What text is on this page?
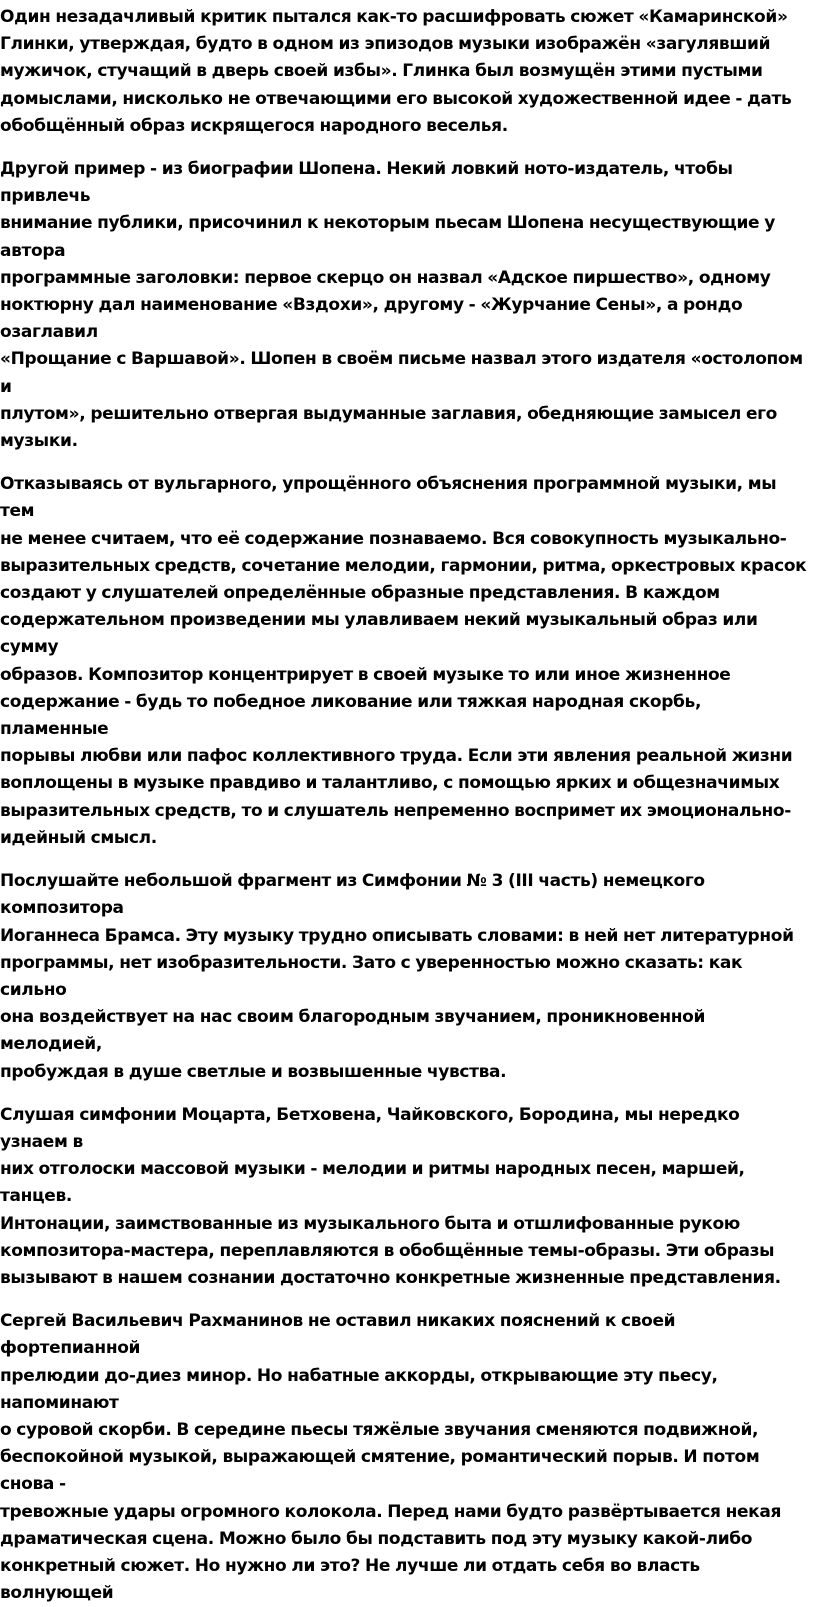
Один незадачливый критик пытался как-то расшифровать сюжет «Камаринской»
Глинки, утверждая, будто в одном из эпизодов музыки изображён «загулявший
мужичок, стучащий в дверь своей избы». Глинка был возмущён этими пустыми
домыслами, нисколько не отвечающими его высокой художественной идее - дать
обобщённый образ искрящегося народного веселья.

Другой пример - из биографии Шопена. Некий ловкий ното-издатель, чтобы привлечь
внимание публики, присочинил к некоторым пьесам Шопена несуществующие у автора
программные заголовки: первое скерцо он назвал «Адское пиршество», одному
ноктюрну дал наименование «Вздохи», другому - «Журчание Сены», а рондо озаглавил
«Прощание с Варшавой». Шопен в своём письме назвал этого издателя «остолопом и
плутом», решительно отвергая выдуманные заглавия, обедняющие замысел его
музыки.

Отказываясь от вульгарного, упрощённого объяснения программной музыки, мы тем
не менее считаем, что её содержание познаваемо. Вся совокупность музыкально-
выразительных средств, сочетание мелодии, гармонии, ритма, оркестровых красок
создают у слушателей определённые образные представления. В каждом
содержательном произведении мы улавливаем некий музыкальный образ или сумму
образов. Композитор концентрирует в своей музыке то или иное жизненное
содержание - будь то победное ликование или тяжкая народная скорбь, пламенные
порывы любви или пафос коллективного труда. Если эти явления реальной жизни
воплощены в музыке правдиво и талантливо, с помощью ярких и общезначимых
выразительных средств, то и слушатель непременно воспримет их эмоционально-
идейный смысл.

Послушайте небольшой фрагмент из Симфонии № 3 (III часть) немецкого композитора
Иоганнеса Брамса. Эту музыку трудно описывать словами: в ней нет литературной
программы, нет изобразительности. Зато с уверенностью можно сказать: как сильно
она воздействует на нас своим благородным звучанием, проникновенной мелодией,
пробуждая в душе светлые и возвышенные чувства.

Слушая симфонии Моцарта, Бетховена, Чайковского, Бородина, мы нередко узнаем в
них отголоски массовой музыки - мелодии и ритмы народных песен, маршей, танцев.
Интонации, заимствованные из музыкального быта и отшлифованные рукою
композитора-мастера, переплавляются в обобщённые темы-образы. Эти образы
вызывают в нашем сознании достаточно конкретные жизненные представления.

Сергей Васильевич Рахманинов не оставил никаких пояснений к своей фортепианной
прелюдии до-диез минор. Но набатные аккорды, открывающие эту пьесу, напоминают
о суровой скорби. В середине пьесы тяжёлые звучания сменяются подвижной,
беспокойной музыкой, выражающей смятение, романтический порыв. И потом снова -
тревожные удары огромного колокола. Перед нами будто развёртывается некая
драматическая сцена. Можно было бы подставить под эту музыку какой-либо
конкретный сюжет. Но нужно ли это? Не лучше ли отдать себя во власть волнующей
